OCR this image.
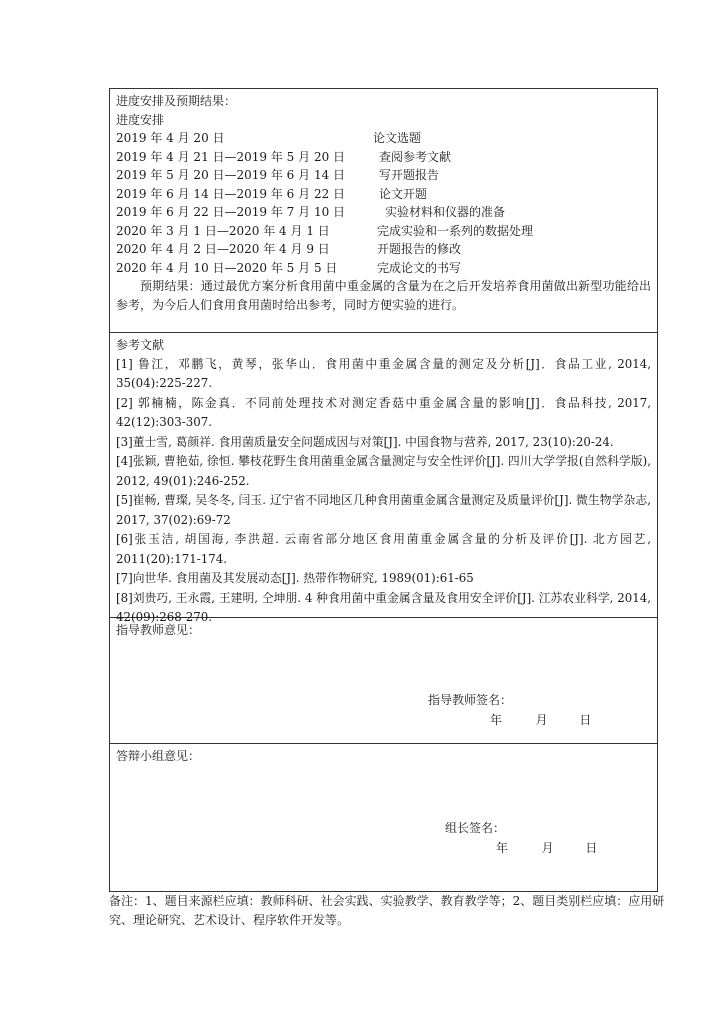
进度安排及预期结果：
进度安排
2019 年 4 月 20 日	论文选题
2019 年 4 月 21 日—2019 年 5 月 20 日	查阅参考文献
2019 年 5 月 20 日—2019 年 6 月 14 日	写开题报告
2019 年 6 月 14 日—2019 年 6 月 22 日	论文开题
2019 年 6 月 22 日—2019 年 7 月 10 日	实验材料和仪器的准备
2020 年 3 月 1 日—2020 年 4 月 1 日	完成实验和一系列的数据处理
2020 年 4 月 2 日—2020 年 4 月 9 日	开题报告的修改
2020 年 4 月 10 日—2020 年 5 月 5 日	完成论文的书写
预期结果：通过最优方案分析食用菌中重金属的含量为在之后开发培养食用菌做出新型功能给出参考，为今后人们食用食用菌时给出参考，同时方便实验的进行。
参考文献
[1] 鲁江，邓鹏飞，黄琴，张华山．食用菌中重金属含量的测定及分析[J]．食品工业, 2014, 35(04):225-227.
[2] 郭楠楠，陈金真．不同前处理技术对测定香菇中重金属含量的影响[J]．食品科技, 2017, 42(12):303-307.
[3]董士雪, 葛颜祥. 食用菌质量安全问题成因与对策[J]. 中国食物与营养, 2017, 23(10):20-24.
[4]张颖, 曹艳茹, 徐恒. 攀枝花野生食用菌重金属含量测定与安全性评价[J]. 四川大学学报(自然科学版), 2012, 49(01):246-252.
[5]崔畅, 曹璨, 吴冬冬, 闫玉. 辽宁省不同地区几种食用菌重金属含量测定及质量评价[J]. 微生物学杂志, 2017, 37(02):69-72
[6]张玉洁, 胡国海, 李洪超. 云南省部分地区食用菌重金属含量的分析及评价[J]. 北方园艺, 2011(20):171-174.
[7]向世华. 食用菌及其发展动态[J]. 热带作物研究, 1989(01):61-65
[8]刘贵巧, 王永霞, 王建明, 仝坤朋. 4 种食用菌中重金属含量及食用安全评价[J]. 江苏农业科学, 2014, 42(09):268-270.
指导教师意见：
指导教师签名：
年	月	日
答辩小组意见：
组长签名：
年	月	日
备注：1、题目来源栏应填：教师科研、社会实践、实验教学、教育教学等；2、题目类别栏应填：应用研究、理论研究、艺术设计、程序软件开发等。
